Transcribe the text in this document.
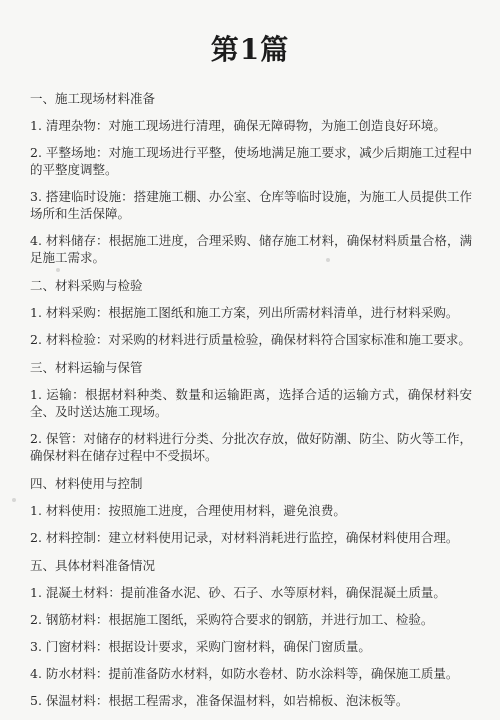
第1篇
一、施工现场材料准备
1. 清理杂物：对施工现场进行清理，确保无障碍物，为施工创造良好环境。
2. 平整场地：对施工现场进行平整，使场地满足施工要求，减少后期施工过程中的平整度调整。
3. 搭建临时设施：搭建施工棚、办公室、仓库等临时设施，为施工人员提供工作场所和生活保障。
4. 材料储存：根据施工进度，合理采购、储存施工材料，确保材料质量合格，满足施工需求。
二、材料采购与检验
1. 材料采购：根据施工图纸和施工方案，列出所需材料清单，进行材料采购。
2. 材料检验：对采购的材料进行质量检验，确保材料符合国家标准和施工要求。
三、材料运输与保管
1. 运输：根据材料种类、数量和运输距离，选择合适的运输方式，确保材料安全、及时送达施工现场。
2. 保管：对储存的材料进行分类、分批次存放，做好防潮、防尘、防火等工作，确保材料在储存过程中不受损坏。
四、材料使用与控制
1. 材料使用：按照施工进度，合理使用材料，避免浪费。
2. 材料控制：建立材料使用记录，对材料消耗进行监控，确保材料使用合理。
五、具体材料准备情况
1. 混凝土材料：提前准备水泥、砂、石子、水等原材料，确保混凝土质量。
2. 钢筋材料：根据施工图纸，采购符合要求的钢筋，并进行加工、检验。
3. 门窗材料：根据设计要求，采购门窗材料，确保门窗质量。
4. 防水材料：提前准备防水材料，如防水卷材、防水涂料等，确保施工质量。
5. 保温材料：根据工程需求，准备保温材料，如岩棉板、泡沫板等。
